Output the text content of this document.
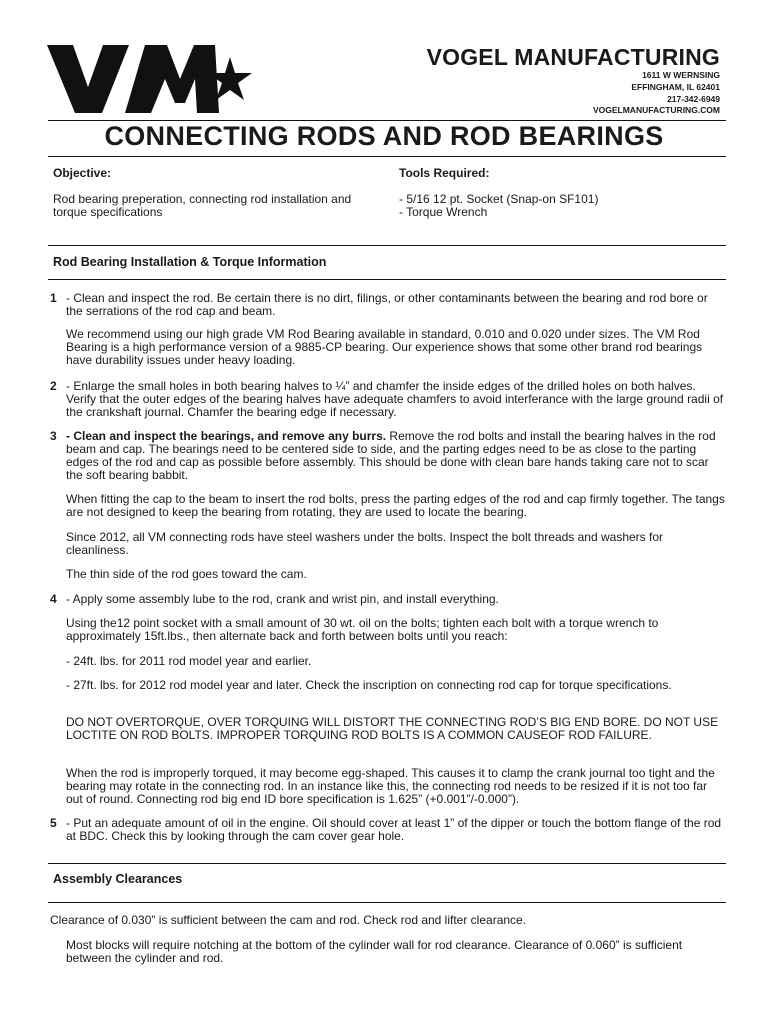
VOGEL MANUFACTURING
1611 W WERNSING
EFFINGHAM, IL 62401
217-342-6949
VOGELMANUFACTURING.COM
CONNECTING RODS AND ROD BEARINGS
Objective:
Rod bearing preperation, connecting rod installation and torque specifications
Tools Required:
- 5/16 12 pt. Socket (Snap-on SF101)
- Torque Wrench
Rod Bearing Installation & Torque Information
1 - Clean and inspect the rod. Be certain there is no dirt, filings, or other contaminants between the bearing and rod bore or the serrations of the rod cap and beam.
We recommend using our high grade VM Rod Bearing available in standard, 0.010 and 0.020 under sizes. The VM Rod Bearing is a high performance version of a 9885-CP bearing. Our experience shows that some other brand rod bearings have durability issues under heavy loading.
2 - Enlarge the small holes in both bearing halves to ¼” and chamfer the inside edges of the drilled holes on both halves. Verify that the outer edges of the bearing halves have adequate chamfers to avoid interferance with the large ground radii of the crankshaft journal. Chamfer the bearing edge if necessary.
3 - Clean and inspect the bearings, and remove any burrs. Remove the rod bolts and install the bearing halves in the rod beam and cap. The bearings need to be centered side to side, and the parting edges need to be as close to the parting edges of the rod and cap as possible before assembly. This should be done with clean bare hands taking care not to scar the soft bearing babbit.
When fitting the cap to the beam to insert the rod bolts, press the parting edges of the rod and cap firmly together. The tangs are not designed to keep the bearing from rotating, they are used to locate the bearing.
Since 2012, all VM connecting rods have steel washers under the bolts. Inspect the bolt threads and washers for cleanliness.
The thin side of the rod goes toward the cam.
4 - Apply some assembly lube to the rod, crank and wrist pin, and install everything.
Using the12 point socket with a small amount of 30 wt. oil on the bolts; tighten each bolt with a torque wrench to approximately 15ft.lbs., then alternate back and forth between bolts until you reach:
- 24ft. lbs. for 2011 rod model year and earlier.
- 27ft. lbs. for 2012 rod model year and later. Check the inscription on connecting rod cap for torque specifications.
DO NOT OVERTORQUE, OVER TORQUING WILL DISTORT THE CONNECTING ROD’S BIG END BORE. DO NOT USE LOCTITE ON ROD BOLTS. IMPROPER TORQUING ROD BOLTS IS A COMMON CAUSEOF ROD FAILURE.
When the rod is improperly torqued, it may become egg-shaped. This causes it to clamp the crank journal too tight and the bearing may rotate in the connecting rod. In an instance like this, the connecting rod needs to be resized if it is not too far out of round. Connecting rod big end ID bore specification is 1.625” (+0.001”/-0.000”).
5 - Put an adequate amount of oil in the engine. Oil should cover at least 1” of the dipper or touch the bottom flange of the rod at BDC. Check this by looking through the cam cover gear hole.
Assembly Clearances
Clearance of 0.030” is sufficient between the cam and rod. Check rod and lifter clearance.
Most blocks will require notching at the bottom of the cylinder wall for rod clearance. Clearance of 0.060” is sufficient between the cylinder and rod.
